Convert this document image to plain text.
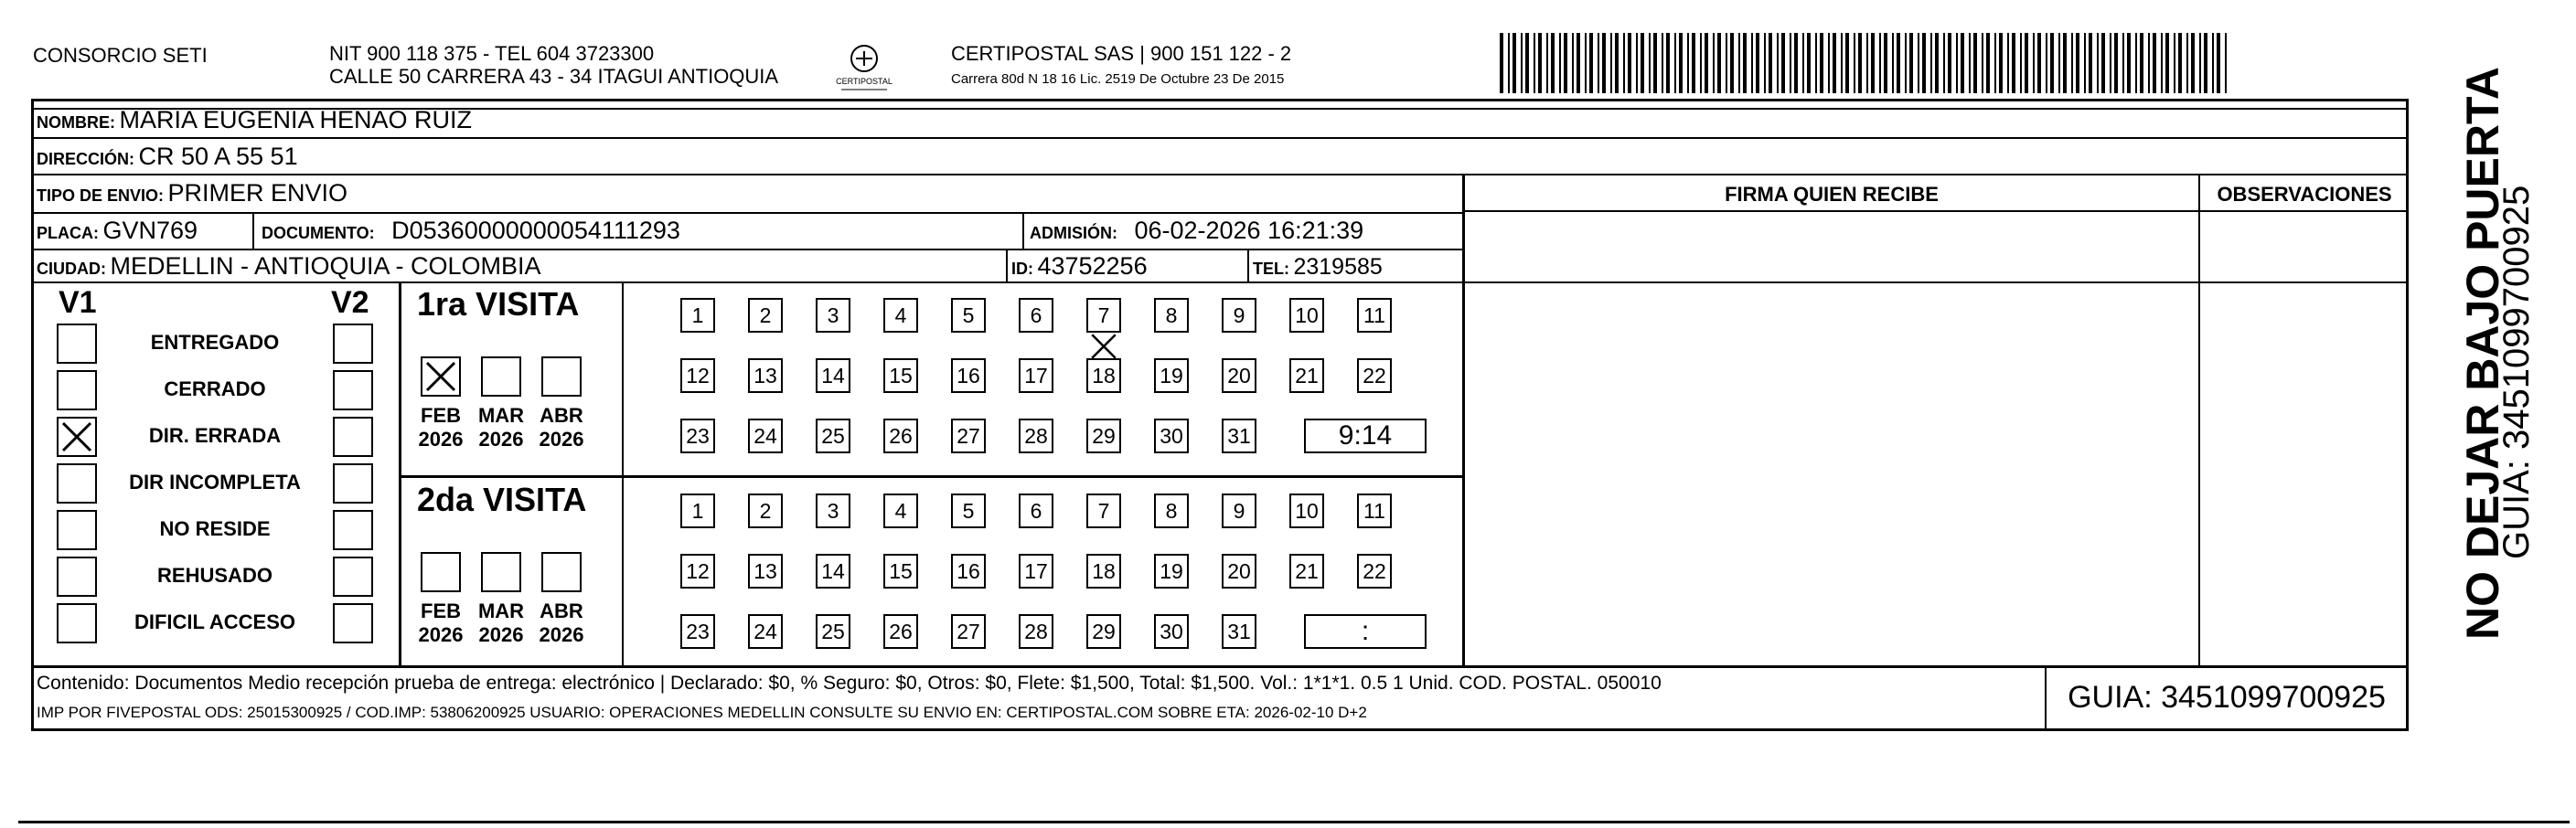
CONSORCIO SETI	NIT 900 118 375 - TEL 604 3723300
CALLE 50 CARRERA 43 - 34 ITAGUI ANTIOQUIA	CERTIPOSTAL
CERTIPOSTAL SAS | 900 151 122 - 2
Carrera 80d N 18 16 Lic. 2519 De Octubre 23 De 2015
NOMBRE: MARIA EUGENIA HENAO RUIZ
DIRECCIÓN: CR 50 A 55 51
TIPO DE ENVIO: PRIMER ENVIO
PLACA: GVN769	DOCUMENTO: D05360000000054111293	ADMISIÓN: 06-02-2026 16:21:39
CIUDAD: MEDELLIN - ANTIOQUIA - COLOMBIA	ID: 43752256	TEL: 2319585
FIRMA QUIEN RECIBE	OBSERVACIONES
V1	V2
ENTREGADO
CERRADO
DIR. ERRADA
DIR INCOMPLETA
NO RESIDE
REHUSADO
DIFICIL ACCESO
1ra VISITA
FEB
2026
MAR
2026
ABR
2026
1	2	3	4	5	6	7	8	9	10	11
12 13 14 15 16 17 18 19 20 21 22
23 24 25 26 27 28 29 30 31	9:14
2da VISITA
FEB
2026
MAR
2026
ABR
2026
1	2	3	4	5	6	7	8	9	10	11
12 13 14 15 16 17 18 19 20 21 22
23 24 25 26 27 28 29 30 31	:
Contenido: Documentos Medio recepción prueba de entrega: electrónico | Declarado: $0, % Seguro: $0, Otros: $0, Flete: $1,500, Total: $1,500. Vol.: 1*1*1. 0.5 1 Unid. COD. POSTAL. 050010
IMP POR FIVEPOSTAL ODS: 25015300925 / COD.IMP: 53806200925 USUARIO: OPERACIONES MEDELLIN CONSULTE SU ENVIO EN: CERTIPOSTAL.COM SOBRE ETA: 2026-02-10 D+2	GUIA: 3451099700925
NO DEJAR BAJO PUERTA
GUIA: 3451099700925
